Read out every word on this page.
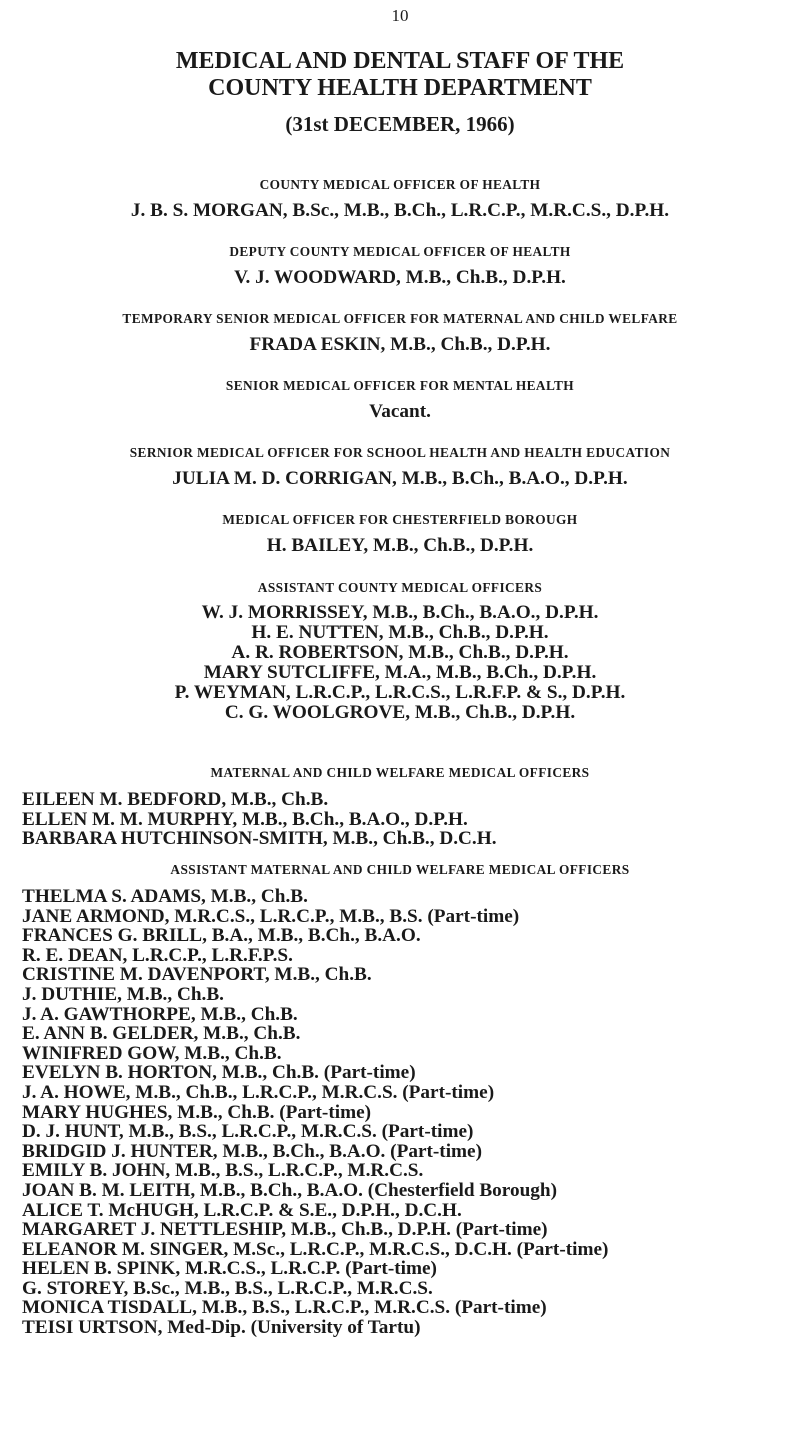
10
MEDICAL AND DENTAL STAFF OF THE
COUNTY HEALTH DEPARTMENT
(31st DECEMBER, 1966)
COUNTY MEDICAL OFFICER OF HEALTH
J. B. S. MORGAN, B.Sc., M.B., B.Ch., L.R.C.P., M.R.C.S., D.P.H.
DEPUTY COUNTY MEDICAL OFFICER OF HEALTH
V. J. WOODWARD, M.B., Ch.B., D.P.H.
TEMPORARY SENIOR MEDICAL OFFICER FOR MATERNAL AND CHILD WELFARE
FRADA ESKIN, M.B., Ch.B., D.P.H.
SENIOR MEDICAL OFFICER FOR MENTAL HEALTH
Vacant.
SERNIOR MEDICAL OFFICER FOR SCHOOL HEALTH AND HEALTH EDUCATION
JULIA M. D. CORRIGAN, M.B., B.Ch., B.A.O., D.P.H.
MEDICAL OFFICER FOR CHESTERFIELD BOROUGH
H. BAILEY, M.B., Ch.B., D.P.H.
ASSISTANT COUNTY MEDICAL OFFICERS
W. J. MORRISSEY, M.B., B.Ch., B.A.O., D.P.H.
H. E. NUTTEN, M.B., Ch.B., D.P.H.
A. R. ROBERTSON, M.B., Ch.B., D.P.H.
MARY SUTCLIFFE, M.A., M.B., B.Ch., D.P.H.
P. WEYMAN, L.R.C.P., L.R.C.S., L.R.F.P. & S., D.P.H.
C. G. WOOLGROVE, M.B., Ch.B., D.P.H.
MATERNAL AND CHILD WELFARE MEDICAL OFFICERS
EILEEN M. BEDFORD, M.B., Ch.B.
ELLEN M. M. MURPHY, M.B., B.Ch., B.A.O., D.P.H.
BARBARA HUTCHINSON-SMITH, M.B., Ch.B., D.C.H.
ASSISTANT MATERNAL AND CHILD WELFARE MEDICAL OFFICERS
THELMA S. ADAMS, M.B., Ch.B.
JANE ARMOND, M.R.C.S., L.R.C.P., M.B., B.S. (Part-time)
FRANCES G. BRILL, B.A., M.B., B.Ch., B.A.O.
R. E. DEAN, L.R.C.P., L.R.F.P.S.
CRISTINE M. DAVENPORT, M.B., Ch.B.
J. DUTHIE, M.B., Ch.B.
J. A. GAWTHORPE, M.B., Ch.B.
E. ANN B. GELDER, M.B., Ch.B.
WINIFRED GOW, M.B., Ch.B.
EVELYN B. HORTON, M.B., Ch.B. (Part-time)
J. A. HOWE, M.B., Ch.B., L.R.C.P., M.R.C.S. (Part-time)
MARY HUGHES, M.B., Ch.B. (Part-time)
D. J. HUNT, M.B., B.S., L.R.C.P., M.R.C.S. (Part-time)
BRIDGID J. HUNTER, M.B., B.Ch., B.A.O. (Part-time)
EMILY B. JOHN, M.B., B.S., L.R.C.P., M.R.C.S.
JOAN B. M. LEITH, M.B., B.Ch., B.A.O. (Chesterfield Borough)
ALICE T. McHUGH, L.R.C.P. & S.E., D.P.H., D.C.H.
MARGARET J. NETTLESHIP, M.B., Ch.B., D.P.H. (Part-time)
ELEANOR M. SINGER, M.Sc., L.R.C.P., M.R.C.S., D.C.H. (Part-time)
HELEN B. SPINK, M.R.C.S., L.R.C.P. (Part-time)
G. STOREY, B.Sc., M.B., B.S., L.R.C.P., M.R.C.S.
MONICA TISDALL, M.B., B.S., L.R.C.P., M.R.C.S. (Part-time)
TEISI URTSON, Med-Dip. (University of Tartu)
